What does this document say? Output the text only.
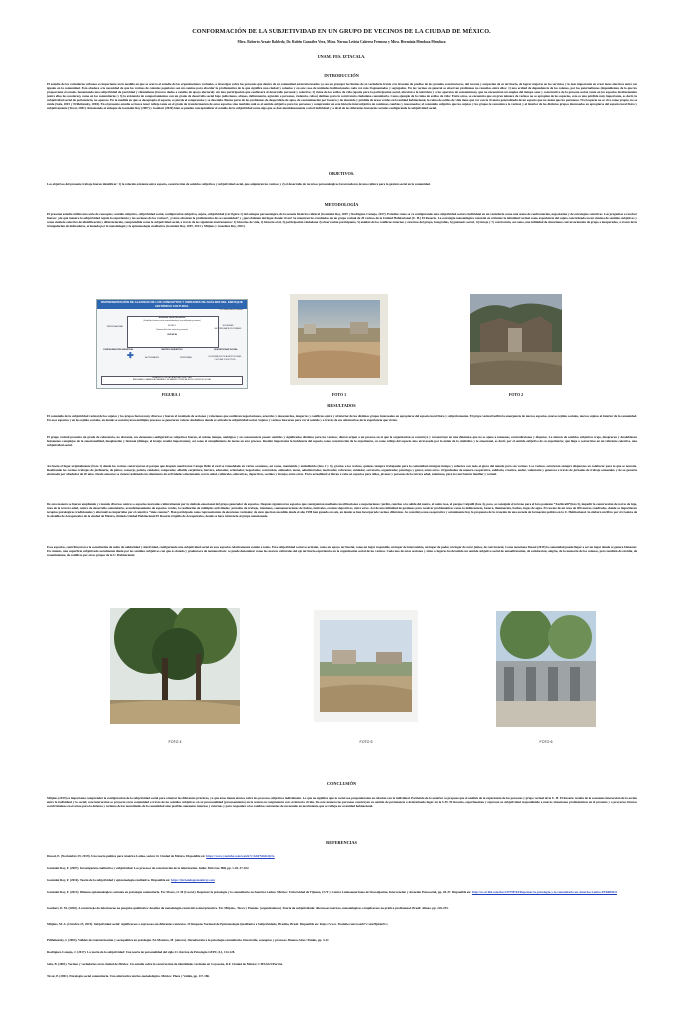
CONFORMACIÓN DE LA SUBJETIVIDAD EN UN GRUPO DE VECINOS DE LA CIUDAD DE MÉXICO.
Mtro. Roberto Arzate Robledo, Dr. Rubén González Vera, Mtra. Norma Leticia Cabrera Fermoso y Mtra. Herminia Mendoza Mendoza
UNAM. FES. IZTACALA.
INTRODUCCIÓN

El estudio de los vecindarios urbanos es importante en la medida en que se acerca al estudio de las organizaciones vecinales, a investigar sobre las personas que dentro de su comunidad están interesadas ya sea en proteger los límites de su vecindario frente a la invasión de predios de las grandes constructoras, del rescate y ocupación de su territorio, de lograr mejoras en los servicios y lo más importante en crear lazos afectivos entre sus iguales en la comunidad. Esto obedece a la necesidad de que los vecinos de colonias populares son un camino para abordar la problemática de lo que significa una ciudad y colonias y en este caso de unidades habitacionales cada vez más fragmentadas y segregadas. En los vecinos en general se observan problemas no resueltos entre ellos: 1) una actitud de dependencia de los colonos, por los paternalismos (dependientes de lo que les proporcione el estado, fomentando una subjetividad de pasividad y clientelismo (favores dados a cambio de apoyo electoral). sin una participación que conllevará al desarrollo personal y colectivo; 2) ruina de los estilos de vida (apatía para la participación social, afección a la televisión y a los aparatos de consumismo), que no encuentran un empleo del tiempo sano y constructivo de la persona social, tanto en los espacios institucionales (entre ellos los escolares), como en los comunitarios y 3) la existencia de comportamientos con un grado de desarrollo social bajo (adicciones, abusos, delincuencia, agresión a personas, violencia, robos) dañinos para la convivencia ciudadana comunitaria. Como ejemplo de la ruina de estilos de vida: Entre otros, se encuentra que en gran número de vecinos no se apropian de los espacios, esto es una pérdida muy importante, es decir, la subjetividad social de pertenencia, no aparece. En la medida en que se desapropia el espacio, se pierde el compromiso y se descuida. Buena parte de los problemas de desperdicio de agua, de contaminación por basura y de descuido y pérdida de áreas verdes en la unidad habitacional, la ruina de estilos de vida tiene que ver con la vivencia generalizada de un espacio que no siente que les pertenece. Ni el espacio no se vive como propio, no se cuida (Safa, 2001 y Prilleltensky, 2004). En el presente estudio se busca tener reflejo tanto en el grado de transformación de estos espacios sino también cuál es el sentido subjetivo para las personas y comprender en esta historia intersubjetiva de continuos cambios y reacomodos; el contenido subjetivo que los sujetos y los grupos le conceden a lo vecinal, y al interior de los distintos grupos interesados en apropiarse del espacio local físico y subjetivamente (Tovar, 2001). Retomando el enfoque de González Rey (2007) y Gonhart (2020) bien se pueden conceptualizar el estudio de la subjetividad como algo que se dan simultáneamente a nivel individual y a nivel de los diferentes instancias sociales configurando la subjetividad social.

OBJETIVOS.

Los objetivos del presente trabajo fueron identificar: 1) la relación existente entre espacio, construcción de sentidos subjetivos y subjetividad social, que adquieren los vecinos y 2) el desarrollo de recursos personológicos favorecedores de una cultura para la gestión social en la comunidad.

METODOLOGÍA

El presente estudio utilizó una serie de conceptos; sentido subjetivo, subjetividad social, configuración subjetiva, sujeto, subjetividad (ver figura 1) del enfoque personológico de la escuela histórico cultural (González Rey, 2007 y Rodríguez-Camejo, 2017). Estudiar cómo se va configurando una subjetividad social e individual en un vecindario como una arena de confrontación, negociación y de estrategias colectivas. Las preguntas a resolver fueron: ¿de qué manera la subjetividad regula la experiencia y las acciones de los vecinos?, ¿Cómo afrontan la problemática de su comunidad? y ¿qué obtienen del lugar donde viven? Se muestran los resultados de un grupo vecinal de 20 vecinos de la Unidad Habitacional (U. H.) El Rosario. La estrategia metodológica consistió en articular la identidad vecinal como experiencia del sujeto concretizada en un sistema de sentidos subjetivos y como símbolo colectivo de identificación y diferenciación, comprendida como la subjetividad social, a través de los siguientes instrumentos: 1) historias de vida, 2) historia oral, 3) participación ciudadana 4) observación participante, 5) análisis de los conflictos internos y externos del grupo, fotografías, 6) guemesis social , 6) festejo y 7) convivencia, así como, una infinidad de situaciones conversacionales de grupo e inesperadas, a través de la triangulación de indicadores, orientada por la metodología y la epistemología cualitativa (González Rey, 2007, 2013 y Mitjáns y González Rey, 2021).

REPRESENTACIÓN DE ALGUNOS DE LOS CONCEPTOS Y UNIDADES DE ANÁLISIS DEL ENFOQUE HISTÓRICO CULTURAL
Prof. Roberto Arzate Robledo
Situación social desarrollo
(Unidad de lo interno con lo externo/individual y lo social/pasado y presente)
PERSONALIDAD	SUJETO	SOCIEDAD
(Vivencia del actual: vivencias y procesos)	FACTORES MACROCULTURALES
VIVENCIA
CONFIGURACIÓN SUBJETIVA	SENTIDO SUBJETIVO	SUBJETIVIDAD SOCIAL
✚	ACTIVIDADES	PERSONAS	ECONOMÍA POLÍTICA INSTITUCIONES CULTURA, COLECTIVOS
DESARROLLO DE LA CAPACIDAD DE ACTUAR
IMPULSANDO CAMBIOS ALCANZANDO SU MÁXIMO POTENCIAL EN SU CONTEXTO SOCIAL
FIGURA 1	FOTO 1	FOTO 2
RESULTADOS

El contenido de la subjetividad vecinal de los sujetos y los grupos fueron muy diversos y fueron el resultado de acciones y relaciones que conllevan negociaciones, acuerdos y desacuerdos, desgarres y conflictos entre y al interior de los distintos grupos interesados en apropiarse del espacio local físico y subjetivamente. El grupo vecinal facilitó la emergencia de nuevos espacios, nuevos tejidos sociales, nuevos sujetos al interior de la comunidad. En esos espacios y en los tejidos sociales, en donde se construyeron múltiples procesos se generaron valores simbólicos donde se articuló la subjetividad social. Sujetos y vecinos buscaron para ver el sentido y a través de sus alternativas de la experiencia que vivían.

El grupo vecinal presenta un grado de coherencia, no obstante, sus elementos configurativos subjetivos fueron, al mismo tiempo, ambiguos y en consecuencia poseer sentidos y significados distintos para los vecinos; dieron origen a un proceso en el que la organización se construyó y reconstruyó en una dinámica que no es ajena a tensiones, contradicciones y disputas. La síntesis de sentidos subjetivos trajo, integraron y desdoblaron fenómenos complejos de la emocionalidad, imaginación y fantasía (diálogo, el festejo resultó importantes), así como el cumplimiento de metas en este proceso. Resultó importante la incidencia del espacio como construcción de la experiencia, su como reflejo del espacio sino atravesada por la unión de lo simbólico y lo emocional, es decir, por el sentido subjetivo de su experiencia; que llega a convertirse en un referente colectivo, una subjetividad social.

Así hacia el lugar originalmente (Foto 1) donde los vecinos construyeron el parque que después nombraron Campo Bello el cual se remodelado en varias ocasiones, así como, mantenido y embellecido (foto 2 y 3), gracias a los vecinos, quienes siempre trabajando para la comunidad entregan tiempo y esfuerzo con todo el gusto del mundo para sus vecinos. Los vecinos, estuvieron siempre dispuestos en colaborar para lo que se necesite. Realizando los vecinos trabajos de jardinería, de pintor, conserje, policía, cuidador, comprador, albañil, carpintero, herrero, educador, orientador, negociador, contratista, animador, mono, administrador, motivador, reforestor, cuidador, secretario, organizador, psicólogo y gestor, entre otros. Organizados de manera cooperativa, solidaria, creativa, audaz, voluntaria y generosa a través de jornadas de trabajo semanales y de su gestoría efectuada por alrededor de 20 años. Desde entonces se vienen realizando un sinnúmero de actividades relacionadas con la salud, culturales, educativas, deportivas, sociales y festejos entre otras. En la actualidad se llevan a cabo en espacios para niños, jóvenes y personas de la tercera edad, asimismo, para la convivencia familiar y vecinal.

De esta manera se fueron ampliando y creando diversos centros o espacios marcados culturalmente por la simbolo-emocional del grupo generador de espacios. Después siguieron los espacios que consiguieron mediante movilizaciones o negociaciones: jardín, canchas a la salida del metro, el salón rosa, el parque Calpulli (foto 4), poco, se consiguió el terreno para el foro poniente “Xochicalli”(foto 5), impedir la construcción de torres de lujo, área de la tercera edad, centro de desarrollo comunitario, acondicionamiento de espacios verdes, la realización de múltiples actividades; jornadas de trabajo, reuniones, conmemoraciones de fechas, festivales, eventos deportivos, entre otras. Así de una infinidad de gestiones para resolver problemáticas como la delincuencia, basura, iluminación, baches, fugas de agua. El rescate de un área de 400 metros cuadrados, donde se impartieron terapias psicológicas tradicionales y alternativas impartidas por el colectivo “ziete cuentos”. Han participado como representantes de elecciones vecinales; de siete que han sucedido desde el año 1998 han ganado en seis, en donde se han incorporado vecinos diferentes. Se constituyo una cooperativa y actualmente hay la propuesta de la creación de una escuela de formación política en la U. Habitacional. Se elaboró un libro por el cronista de la alcaldía de Azcapotzalco de la ciudad de México, titulado Unidad Habitacional El Rosario Orgullo de Azcapotzalco, donde se hace referencia al grupo mencionado.

Esos espacios, contribuyeron a la constitución de redes de solidaridad y afectividad, configurando una subjetividad social en esos espacios relativamente común a todos. Esta subjetividad social se articuló, como un apoyo territorial, como un lugar respetable, un lugar de intercambio, un lugar de poder, un lugar de estar juntos, de convivencia; Como menciona Dussel (2019) la comunidad puede llegar a ser un lugar donde se genera bienestar. En síntesis, una superficie subjetivada socialmente diada por los sentidos subjetivos con que es dotada y productora de metamorfosis: se puede denominar como las marcas culturales del eje territorio-experiencia en la organización social de los vecinos. Cada uno de estas acciones y sitios o lugares ha devenido un sentido subjetivo social de autoafirmación, de satisfacción, alegría, de la memoria de los colonos, pero también de envidia, de resentimiento, de conflicto por otros grupos de la U. Habitacional

FOTO 4	FOTO 5	FOTO 6
CONCLUSIÓN

Mitjáns (2019) es importante comprender la configuración de la subjetividad social para orientar las diferentes prácticas, ya que éstas tienen efectos sobre los procesos subjetivos individuales. Lo que no significa que lo social sea preponderante en relación con lo individual. Partiendo de lo anterior se propone que el análisis de la experiencia de las personas y grupo vecinal de la U. H. El Rosario resulta de la constante interacción de la acción entre lo individual y lo social; esta interacción se proyecta en la comunidad a través de los sentidos subjetivos en su procesualidad (procesamiento) en la acción en congruencia con su historia vivida. De esta manera las personas construyen su sentido de pertenencia a determinado lugar en la U.H. El Rosario, experimentan y expresan su subjetividad respondiendo a nuevas situaciones problemáticas en el presente y a proyectos futuros convirtiéndose en el arma para la defensa y reclamo de las necesidades de la comunidad ante posibles amenazas internas y externas y para responder a los cambios constantes de un mundo en movimiento que se refleja en su unidad habitacional.

REFERENCIAS

Dussel, E. (Noviembre 29, 2019). Una teoría política para América Latina, sesión 14. Ciudad de México. Disponible en: https://www.youtube.com/watch?v=kbFNOdxQOw

González Rey, F. (2007). Investigación cualitativa y subjetividad. Los procesos de construcción de la información. India: McGraw Hill, pp. 1-20, 57-102.

González Rey, F. (2016). Teoría de la subjetividad y epistemología cualitativa. Disponible en: https://fernandogonzalezrey.com

González Rey, F. (2013). Dilemas epistemológicos actuales en psicología comunitaria. En: Flores, O. M (Coord.). Repensar la psicología y lo comunitario en América Latina. México: Universidad de Tijuana, CUT y Centro Latinoamericano de Investigación, Intervención y Atención Psicosocial, pp. 28-47. Disponible en: http://es.scribd.com/doc/235798764/Repensar-la-psicologia-y-lo-comunitario-en-America-Latina-FERRERO

Gonhart, D. M. (2020). A construção do informacao na pesquisa qualitativa: desafios da metodologia construtivo-interpretativa. En: Mitjáns., Tacca y Puentes. (organizadores). Teoria da subjetividade: discussoes teóricas, metodológicas e implicacoes na prática profissional. Brasil: Alinea. pp. 226-255.

Mitjáns, M. A. (Octubre 23, 2019). Subjetividad social: significacoes e expressao em diferentes contextos. II Simposio Nacional de Epistemologia Qualitative e Subjetividade, Brasilia, Brasil. Disponible en: https://www. Youtube.com/watch?v=otn29pkizZCs

Prilleltensky, I. (2004). Validez de transformación y sociopolítica en psicología. En Montero, M. (autora). Introducción a la psicología comunitaria. Desarrollo, conceptos y procesos. Buenos Aires: Paidós, pp. 3-21

Rodríguez-Camejo, J. (2017). La teoría de la subjetividad: Una teoría de personalidad del siglo 21. Revista de Psicología GEPU, 8,1, 114-128.

Safa, B. (2001). Vecinos y vecindarios en la ciudad de México. Un estudio sobre la construcción de identidades vecinales en Coyoacán, D.F. Ciudad de México: CIESAS/UPorrúa

Tovar, P. (2001). Psicología social comunitaria. Una alternativa teórico-metodológica. México: Plaza y Valdés, pp. 117-186.
